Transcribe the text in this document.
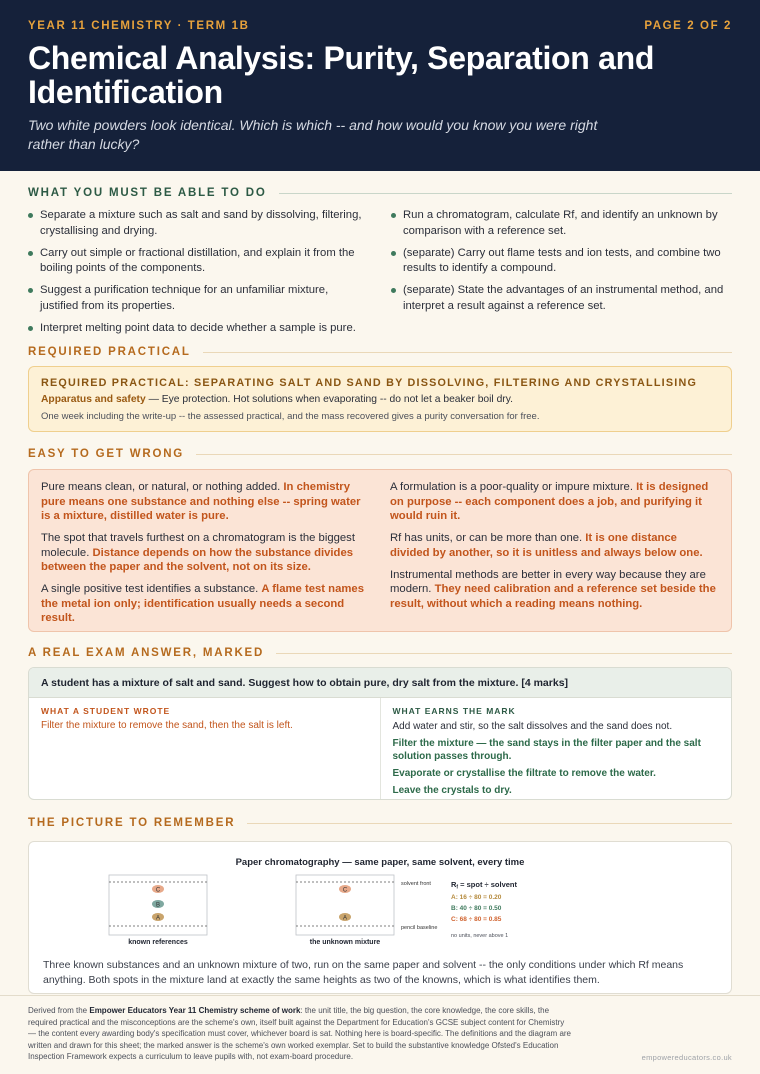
YEAR 11 CHEMISTRY · TERM 1B	PAGE 2 OF 2
Chemical Analysis: Purity, Separation and Identification

Two white powders look identical. Which is which -- and how would you know you were right rather than lucky?

WHAT YOU MUST BE ABLE TO DO
Separate a mixture such as salt and sand by dissolving, filtering, crystallising and drying.
Carry out simple or fractional distillation, and explain it from the boiling points of the components.
Suggest a purification technique for an unfamiliar mixture, justified from its properties.
Interpret melting point data to decide whether a sample is pure.
Run a chromatogram, calculate Rf, and identify an unknown by comparison with a reference set.
(separate) Carry out flame tests and ion tests, and combine two results to identify a compound.
(separate) State the advantages of an instrumental method, and interpret a result against a reference set.
REQUIRED PRACTICAL
REQUIRED PRACTICAL: SEPARATING SALT AND SAND BY DISSOLVING, FILTERING AND CRYSTALLISING
Apparatus and safety — Eye protection. Hot solutions when evaporating -- do not let a beaker boil dry.
One week including the write-up -- the assessed practical, and the mass recovered gives a purity conversation for free.
EASY TO GET WRONG
Pure means clean, or natural, or nothing added. In chemistry pure means one substance and nothing else -- spring water is a mixture, distilled water is pure.
The spot that travels furthest on a chromatogram is the biggest molecule. Distance depends on how the substance divides between the paper and the solvent, not on its size.
A single positive test identifies a substance. A flame test names the metal ion only; identification usually needs a second result.
A formulation is a poor-quality or impure mixture. It is designed on purpose -- each component does a job, and purifying it would ruin it.
Rf has units, or can be more than one. It is one distance divided by another, so it is unitless and always below one.
Instrumental methods are better in every way because they are modern. They need calibration and a reference set beside the result, without which a reading means nothing.
A REAL EXAM ANSWER, MARKED
A student has a mixture of salt and sand. Suggest how to obtain pure, dry salt from the mixture. [4 marks]
WHAT A STUDENT WROTE
Filter the mixture to remove the sand, then the salt is left.
WHAT EARNS THE MARK
Add water and stir, so the salt dissolves and the sand does not.
Filter the mixture — the sand stays in the filter paper and the salt solution passes through.
Evaporate or crystallise the filtrate to remove the water.
Leave the crystals to dry.
THE PICTURE TO REMEMBER
Paper chromatography — same paper, same solvent, every time
A
B
C
known references
A
C
the unknown mixture
solvent front
pencil baseline
$R_f$ = spot ÷ solvent
A: 16 ÷ 80 = 0.20
B: 40 ÷ 80 = 0.50
C: 68 ÷ 80 = 0.85
no units, never above 1
Three known substances and an unknown mixture of two, run on the same paper and solvent -- the only conditions under which Rf means anything. Both spots in the mixture land at exactly the same heights as two of the knowns, which is what identifies them.
Derived from the Empower Educators Year 11 Chemistry scheme of work: the unit title, the big question, the core knowledge, the core skills, the required practical and the misconceptions are the scheme's own, itself built against the Department for Education's GCSE subject content for Chemistry — the content every awarding body's specification must cover, whichever board is sat. Nothing here is board-specific. The definitions and the diagram are written and drawn for this sheet; the marked answer is the scheme's own worked exemplar. Set to build the substantive knowledge Ofsted's Education Inspection Framework expects a curriculum to leave pupils with, not exam-board procedure.	empowereducators.co.uk
